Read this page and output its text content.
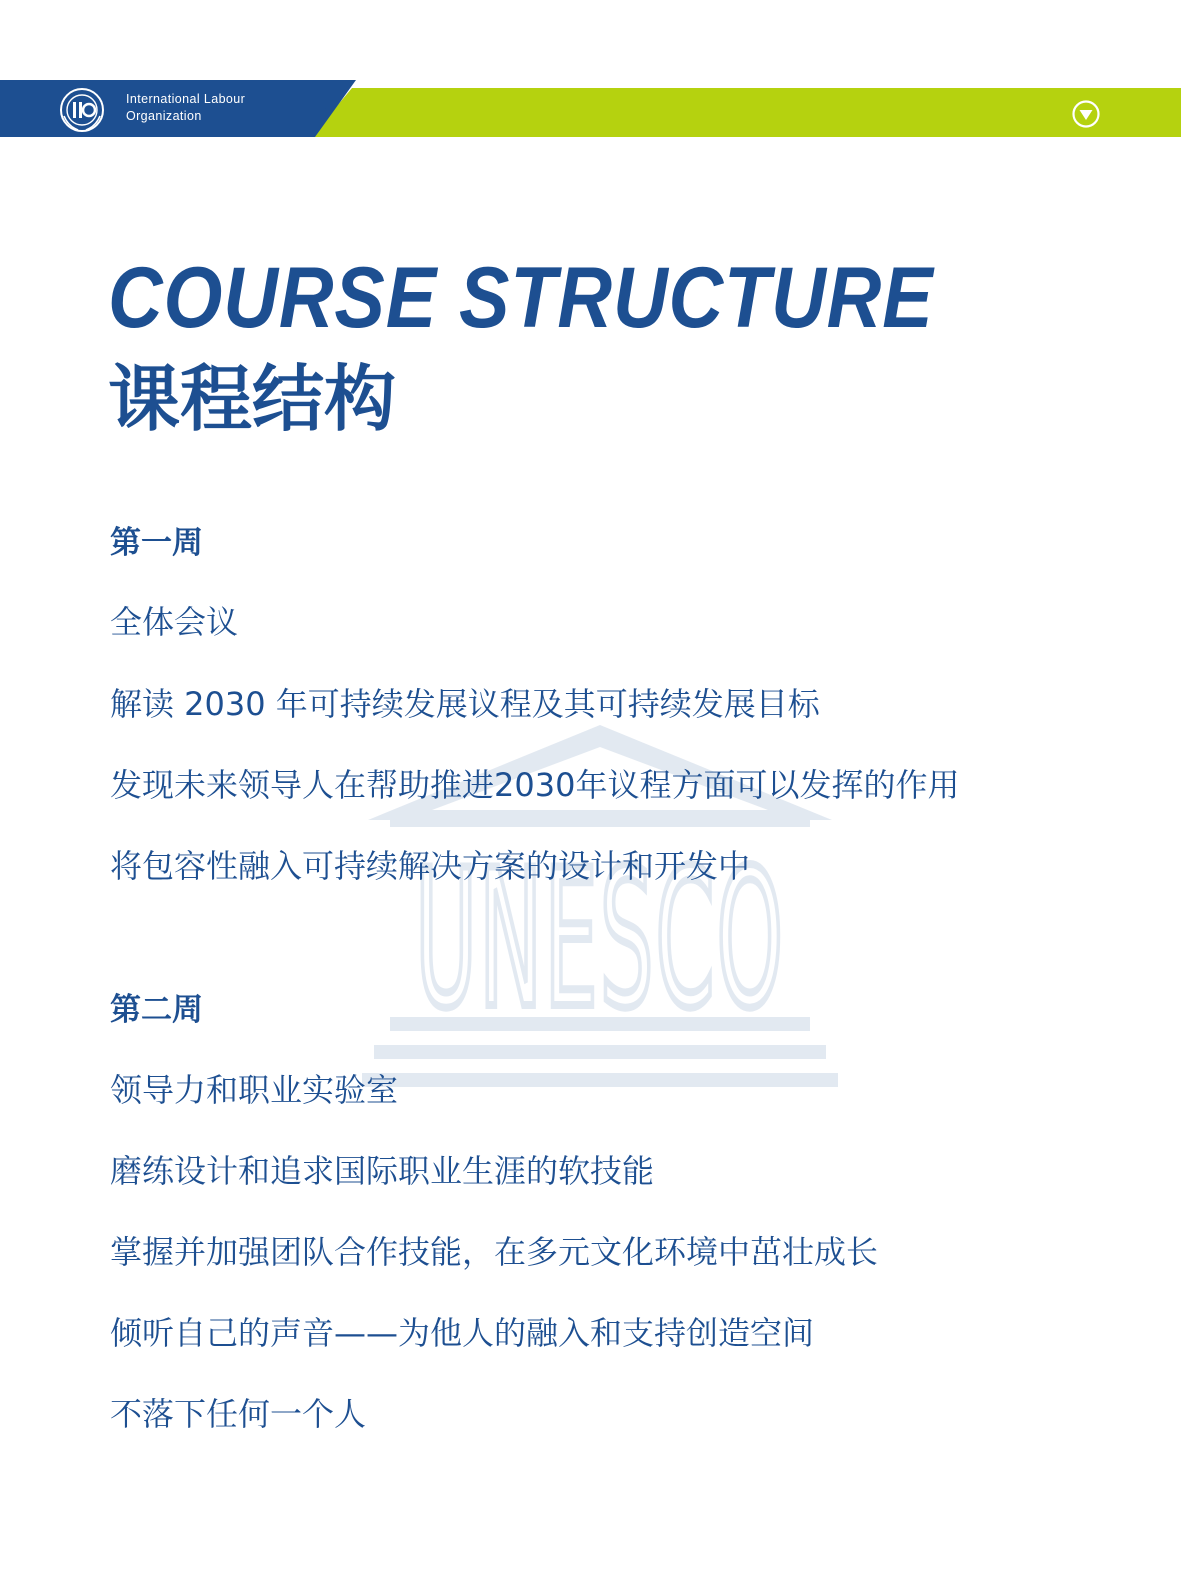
International Labour
Organization
UNESCO
COURSE STRUCTURE
课程结构
第一周
全体会议
解读 2030 年可持续发展议程及其可持续发展目标
发现未来领导人在帮助推进2030年议程方面可以发挥的作用
将包容性融入可持续解决方案的设计和开发中
第二周
领导力和职业实验室
磨练设计和追求国际职业生涯的软技能
掌握并加强团队合作技能，在多元文化环境中茁壮成长
倾听自己的声音——为他人的融入和支持创造空间
不落下任何一个人
